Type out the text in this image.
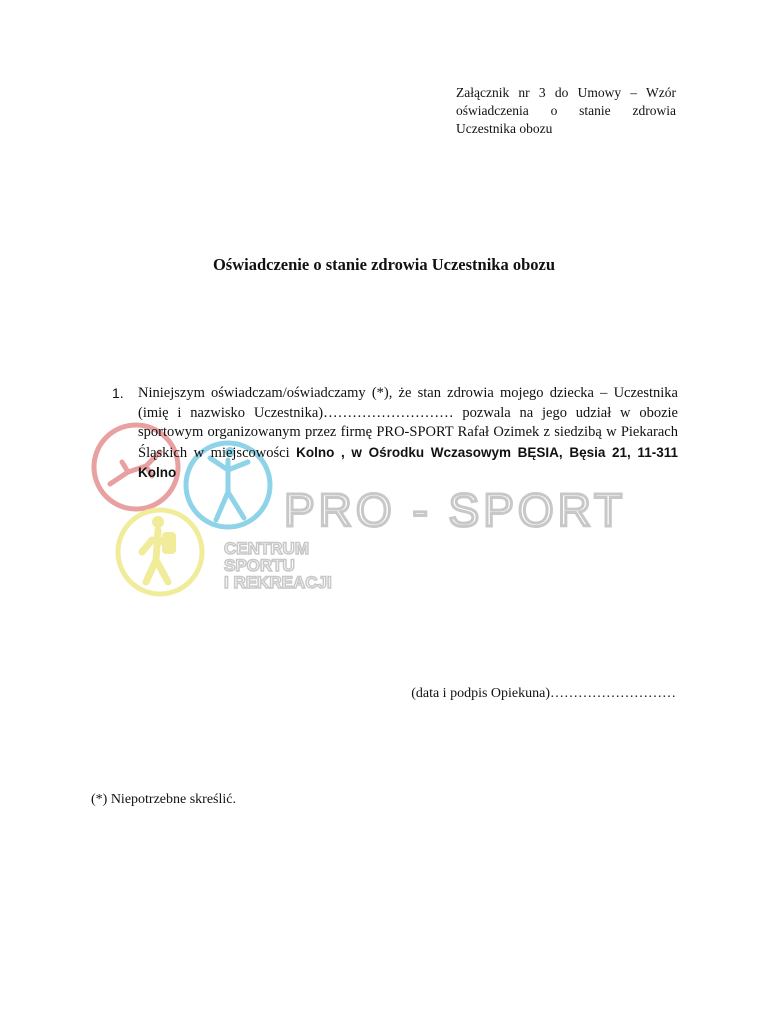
Załącznik nr 3 do Umowy – Wzór oświadczenia o stanie zdrowia Uczestnika obozu
Oświadczenie o stanie zdrowia Uczestnika obozu
PRO - SPORT
CENTRUM
SPORTU
I REKREACJI
1. Niniejszym oświadczam/oświadczamy (*), że stan zdrowia mojego dziecka – Uczestnika (imię i nazwisko Uczestnika)……………………… pozwala na jego udział w obozie sportowym organizowanym przez firmę PRO-SPORT Rafał Ozimek z siedzibą w Piekarach Śląskich w miejscowości Kolno , w Ośrodku Wczasowym BĘSIA, Bęsia 21, 11-311 Kolno
(data i podpis Opiekuna)………………………
(*) Niepotrzebne skreślić.
